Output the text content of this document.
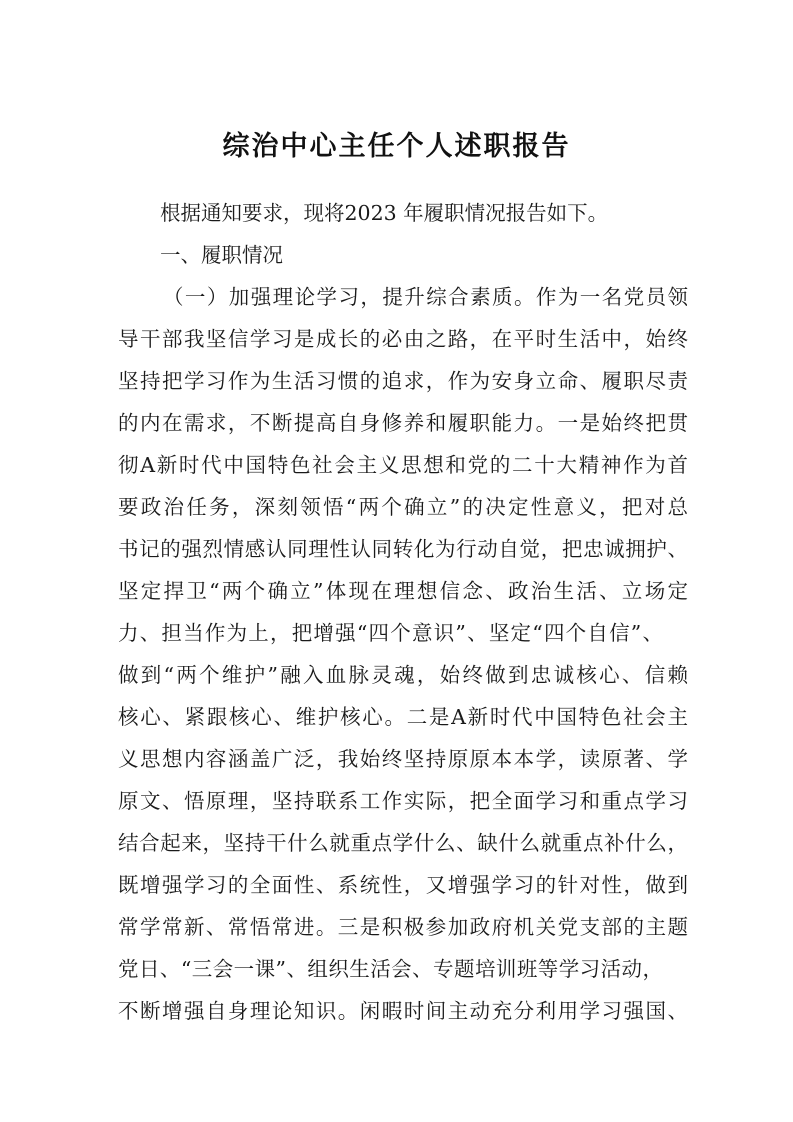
综治中心主任个人述职报告
根据通知要求，现将2023 年履职情况报告如下。
一、履职情况
（一）加强理论学习，提升综合素质。作为一名党员领
导干部我坚信学习是成长的必由之路，在平时生活中，始终
坚持把学习作为生活习惯的追求，作为安身立命、履职尽责
的内在需求，不断提高自身修养和履职能力。一是始终把贯
彻A新时代中国特色社会主义思想和党的二十大精神作为首
要政治任务，深刻领悟“两个确立”的决定性意义，把对总
书记的强烈情感认同理性认同转化为行动自觉，把忠诚拥护、
坚定捍卫“两个确立”体现在理想信念、政治生活、立场定
力、担当作为上，把增强“四个意识”、坚定“四个自信”、
做到“两个维护”融入血脉灵魂，始终做到忠诚核心、信赖
核心、紧跟核心、维护核心。二是A新时代中国特色社会主
义思想内容涵盖广泛，我始终坚持原原本本学，读原著、学
原文、悟原理，坚持联系工作实际，把全面学习和重点学习
结合起来，坚持干什么就重点学什么、缺什么就重点补什么，
既增强学习的全面性、系统性，又增强学习的针对性，做到
常学常新、常悟常进。三是积极参加政府机关党支部的主题
党日、“三会一课”、组织生活会、专题培训班等学习活动，
不断增强自身理论知识。闲暇时间主动充分利用学习强国、
